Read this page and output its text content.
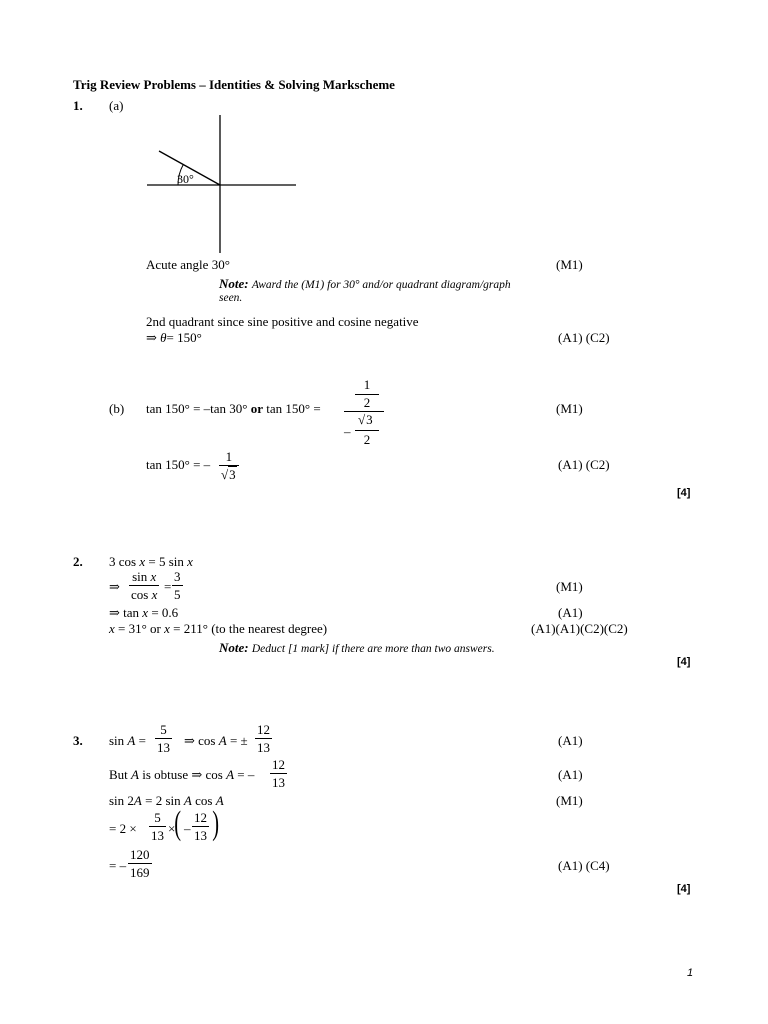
Trig Review Problems – Identities & Solving Markscheme
1. (a)
30°
Acute angle 30°	(M1)
Note: Award the (M1) for 30° and/or quadrant diagram/graph
seen.
2nd quadrant since sine positive and cosine negative
⇒ θ= 150°	(A1) (C2)
(b) tan 150° = –tan 30° or tan 150° =
1
2
–
√3
2
(M1)
tan 150° = – $\frac{1}{√3}$	(A1) (C2)
[4]
2. 3 cos x = 5 sin x
⇒ $\frac{\text{sin x}}{\text{cos x}} = \frac{3}{5}$	(M1)
⇒ tan x = 0.6	(A1)
x = 31° or x = 211° (to the nearest degree)	(A1)(A1)(C2)(C2)
Note: Deduct [1 mark] if there are more than two answers.
[4]
3. $\sin A = \frac{5}{13}$ ⇒ cos A = ± $\frac{12}{13}$	(A1)
But A is obtuse ⇒ cos A = – $\frac{12}{13}$	(A1)
sin 2A = 2 sin A cos A	(M1)
= $2 \times \frac{5}{13}$ ×
( – $\frac{12}{13}$ )
= – $\frac{120}{169}$	(A1) (C4)
[4]
1
